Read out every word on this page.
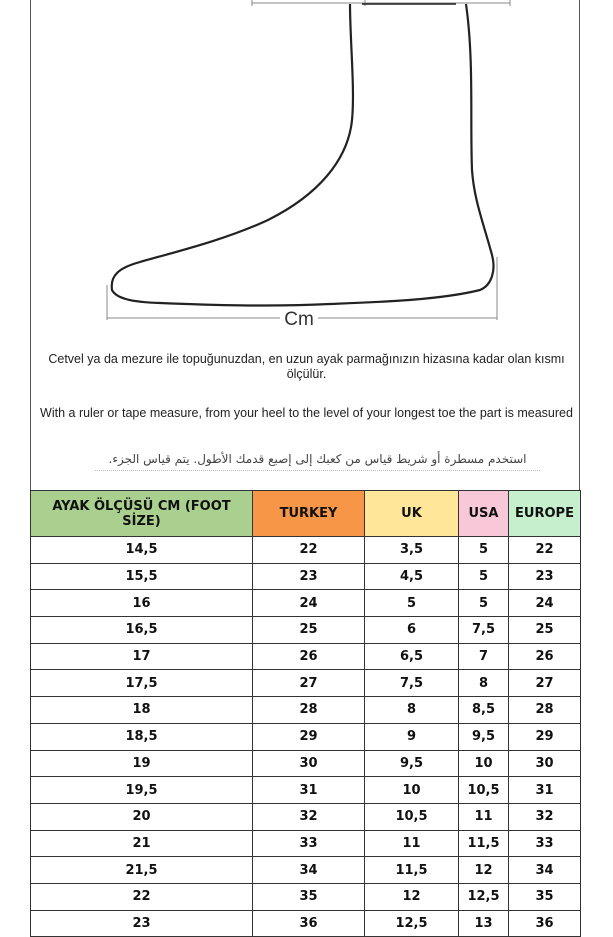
Cm
Cetvel ya da mezure ile topuğunuzdan, en uzun ayak parmağınızın hizasına kadar olan kısmı ölçülür.
With a ruler or tape measure, from your heel to the level of your longest toe the part is measured
استخدم مسطرة أو شريط قياس من كعبك إلى إصبع قدمك الأطول. يتم قياس الجزء.
AYAK ÖLÇÜSÜ CM (FOOT SİZE)	TURKEY	UK	USA	EUROPE
14,5	22	3,5	5	22
15,5	23	4,5	5	23
16	24	5	5	24
16,5	25	6	7,5	25
17	26	6,5	7	26
17,5	27	7,5	8	27
18	28	8	8,5	28
18,5	29	9	9,5	29
19	30	9,5	10	30
19,5	31	10	10,5	31
20	32	10,5	11	32
21	33	11	11,5	33
21,5	34	11,5	12	34
22	35	12	12,5	35
23	36	12,5	13	36
